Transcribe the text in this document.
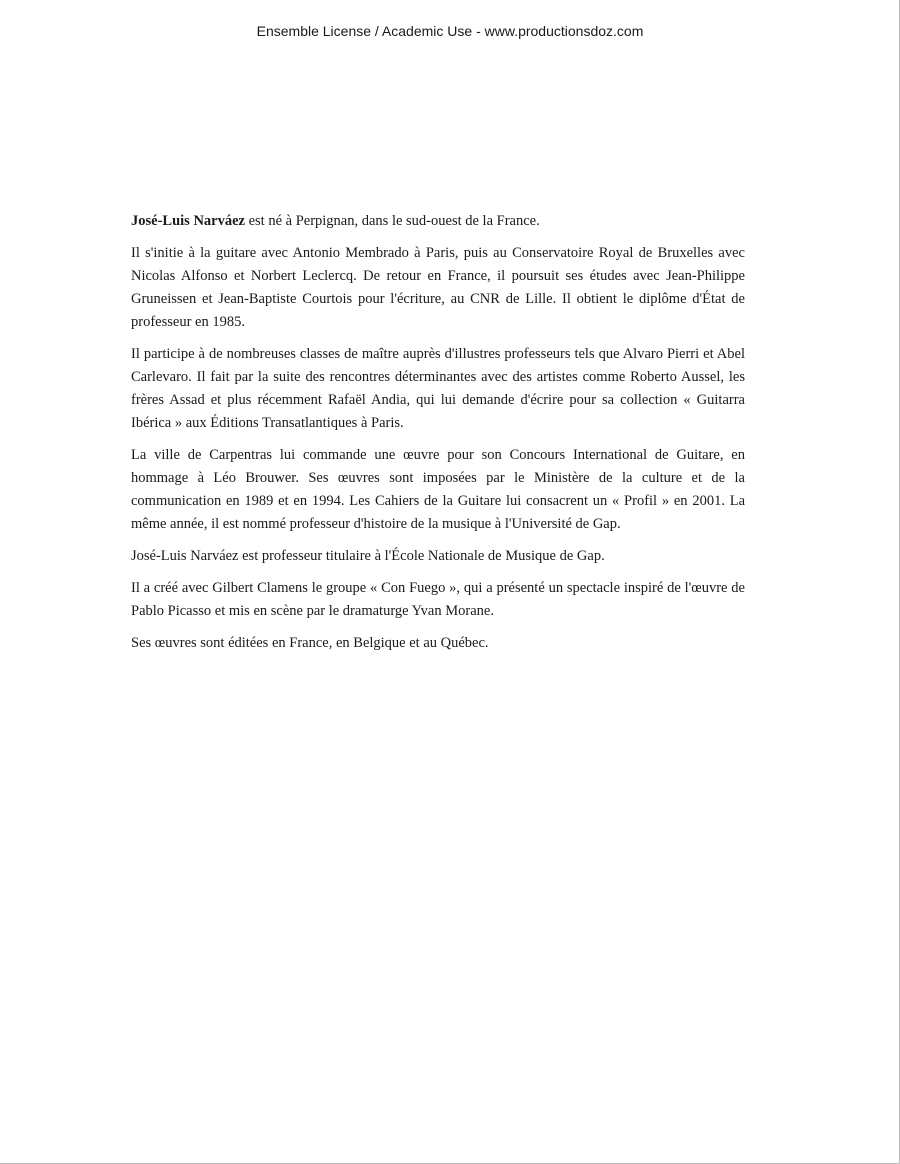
Ensemble License / Academic Use - www.productionsdoz.com

José-Luis Narváez est né à Perpignan, dans le sud-ouest de la France.

Il s'initie à la guitare avec Antonio Membrado à Paris, puis au Conservatoire Royal de Bruxelles avec Nicolas Alfonso et Norbert Leclercq. De retour en France, il poursuit ses études avec Jean-Philippe Gruneissen et Jean-Baptiste Courtois pour l'écriture, au CNR de Lille. Il obtient le diplôme d'État de professeur en 1985.

Il participe à de nombreuses classes de maître auprès d'illustres professeurs tels que Alvaro Pierri et Abel Carlevaro. Il fait par la suite des rencontres déterminantes avec des artistes comme Roberto Aussel, les frères Assad et plus récemment Rafaël Andia, qui lui demande d'écrire pour sa collection « Guitarra Ibérica » aux Éditions Transatlantiques à Paris.

La ville de Carpentras lui commande une œuvre pour son Concours International de Guitare, en hommage à Léo Brouwer. Ses œuvres sont imposées par le Ministère de la culture et de la communication en 1989 et en 1994. Les Cahiers de la Guitare lui consacrent un « Profil » en 2001. La même année, il est nommé professeur d'histoire de la musique à l'Université de Gap.

José-Luis Narváez est professeur titulaire à l'École Nationale de Musique de Gap.

Il a créé avec Gilbert Clamens le groupe « Con Fuego », qui a présenté un spectacle inspiré de l'œuvre de Pablo Picasso et mis en scène par le dramaturge Yvan Morane.

Ses œuvres sont éditées en France, en Belgique et au Québec.
